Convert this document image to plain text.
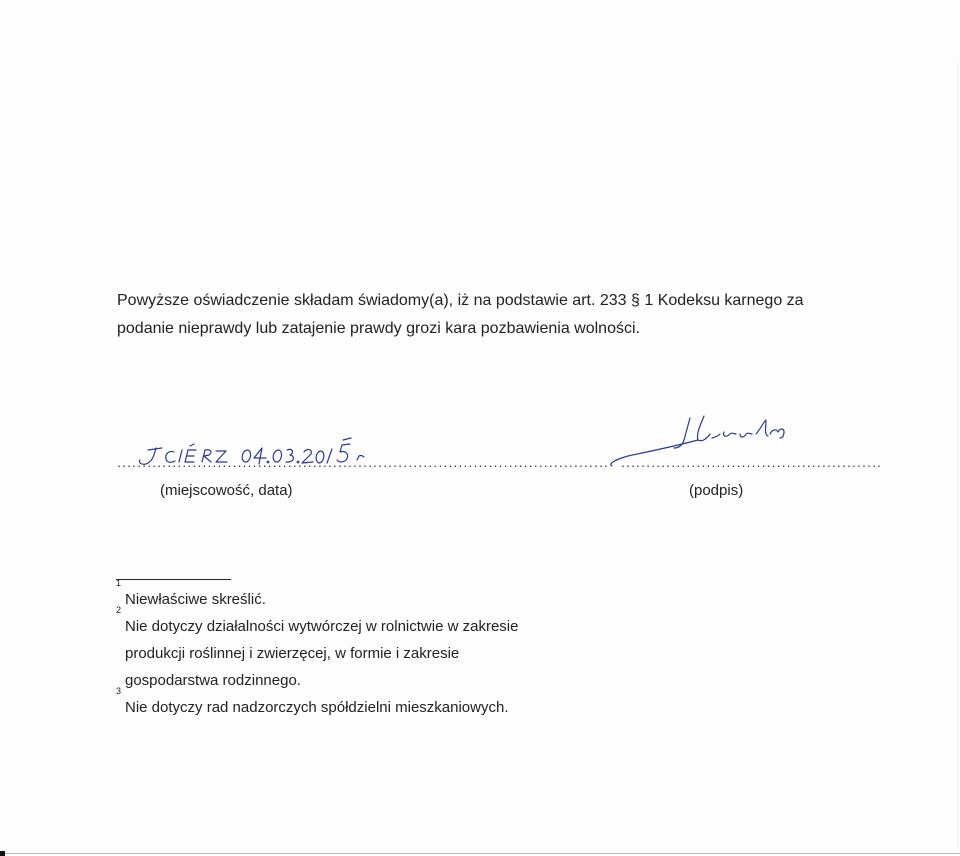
Powyższe oświadczenie składam świadomy(a), iż na podstawie art. 233 § 1 Kodeksu karnego za

podanie nieprawdy lub zatajenie prawdy grozi kara pozbawienia wolności.

..................................................................................................
(miejscowość, data)
....................................................
(podpis)
1
Niewłaściwe skreślić.
2
Nie dotyczy działalności wytwórczej w rolnictwie w zakresie
produkcji roślinnej i zwierzęcej, w formie i zakresie
gospodarstwa rodzinnego.
3
Nie dotyczy rad nadzorczych spółdzielni mieszkaniowych.
